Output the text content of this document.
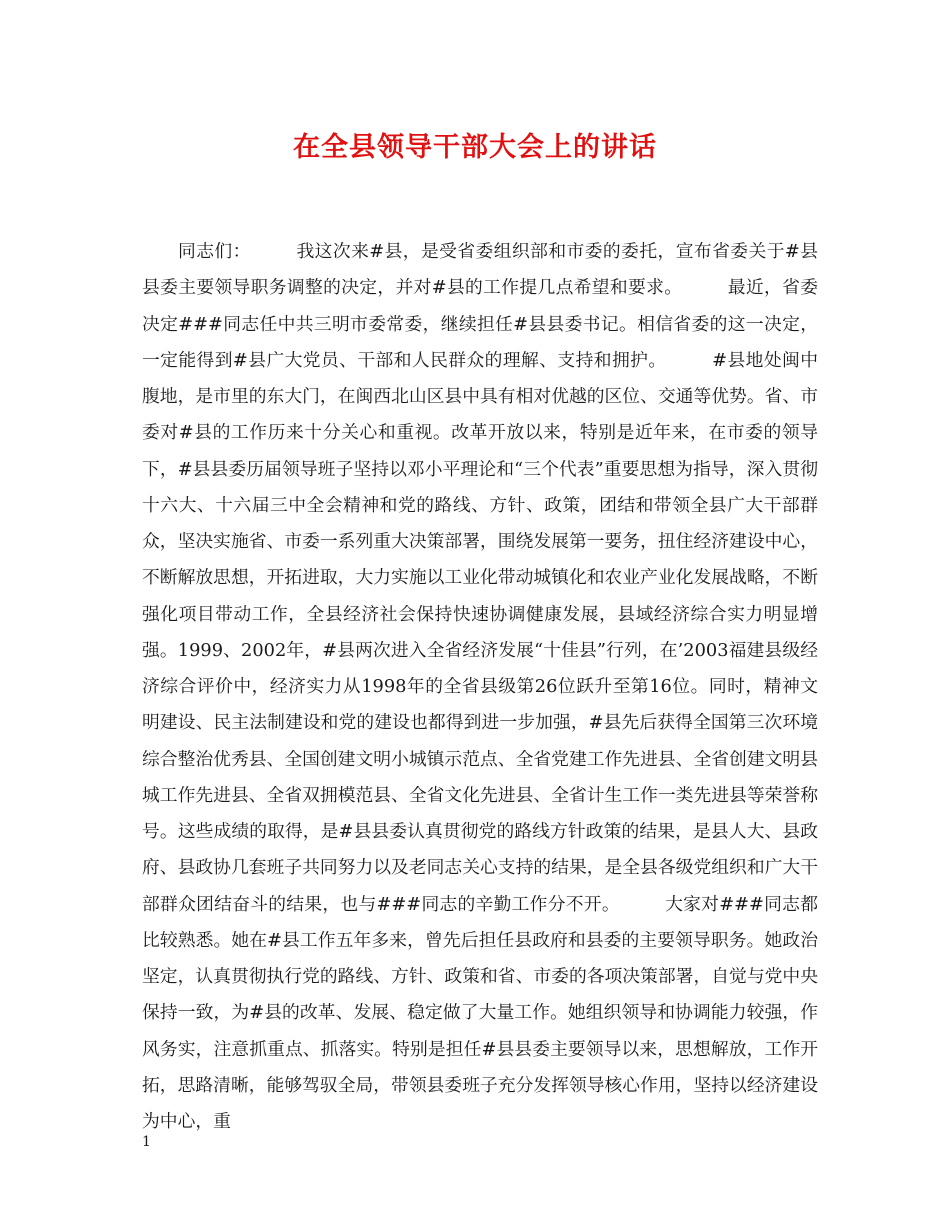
在全县领导干部大会上的讲话

同志们：　　　我这次来#县，是受省委组织部和市委的委托，宣布省委关于#县县委主要领导职务调整的决定，并对#县的工作提几点希望和要求。　　　最近，省委决定###同志任中共三明市委常委，继续担任#县县委书记。相信省委的这一决定，一定能得到#县广大党员、干部和人民群众的理解、支持和拥护。　　　#县地处闽中腹地，是市里的东大门，在闽西北山区县中具有相对优越的区位、交通等优势。省、市委对#县的工作历来十分关心和重视。改革开放以来，特别是近年来，在市委的领导下，#县县委历届领导班子坚持以邓小平理论和“三个代表”重要思想为指导，深入贯彻十六大、十六届三中全会精神和党的路线、方针、政策，团结和带领全县广大干部群众，坚决实施省、市委一系列重大决策部署，围绕发展第一要务，扭住经济建设中心，不断解放思想，开拓进取，大力实施以工业化带动城镇化和农业产业化发展战略，不断强化项目带动工作，全县经济社会保持快速协调健康发展，县域经济综合实力明显增强。1999、2002年，#县两次进入全省经济发展“十佳县”行列，在’2003福建县级经济综合评价中，经济实力从1998年的全省县级第26位跃升至第16位。同时，精神文明建设、民主法制建设和党的建设也都得到进一步加强，#县先后获得全国第三次环境综合整治优秀县、全国创建文明小城镇示范点、全省党建工作先进县、全省创建文明县城工作先进县、全省双拥模范县、全省文化先进县、全省计生工作一类先进县等荣誉称号。这些成绩的取得，是#县县委认真贯彻党的路线方针政策的结果，是县人大、县政府、县政协几套班子共同努力以及老同志关心支持的结果，是全县各级党组织和广大干部群众团结奋斗的结果，也与###同志的辛勤工作分不开。　　　大家对###同志都比较熟悉。她在#县工作五年多来，曾先后担任县政府和县委的主要领导职务。她政治坚定，认真贯彻执行党的路线、方针、政策和省、市委的各项决策部署，自觉与党中央保持一致，为#县的改革、发展、稳定做了大量工作。她组织领导和协调能力较强，作风务实，注意抓重点、抓落实。特别是担任#县县委主要领导以来，思想解放，工作开拓，思路清晰，能够驾驭全局，带领县委班子充分发挥领导核心作用，坚持以经济建设为中心，重

1
